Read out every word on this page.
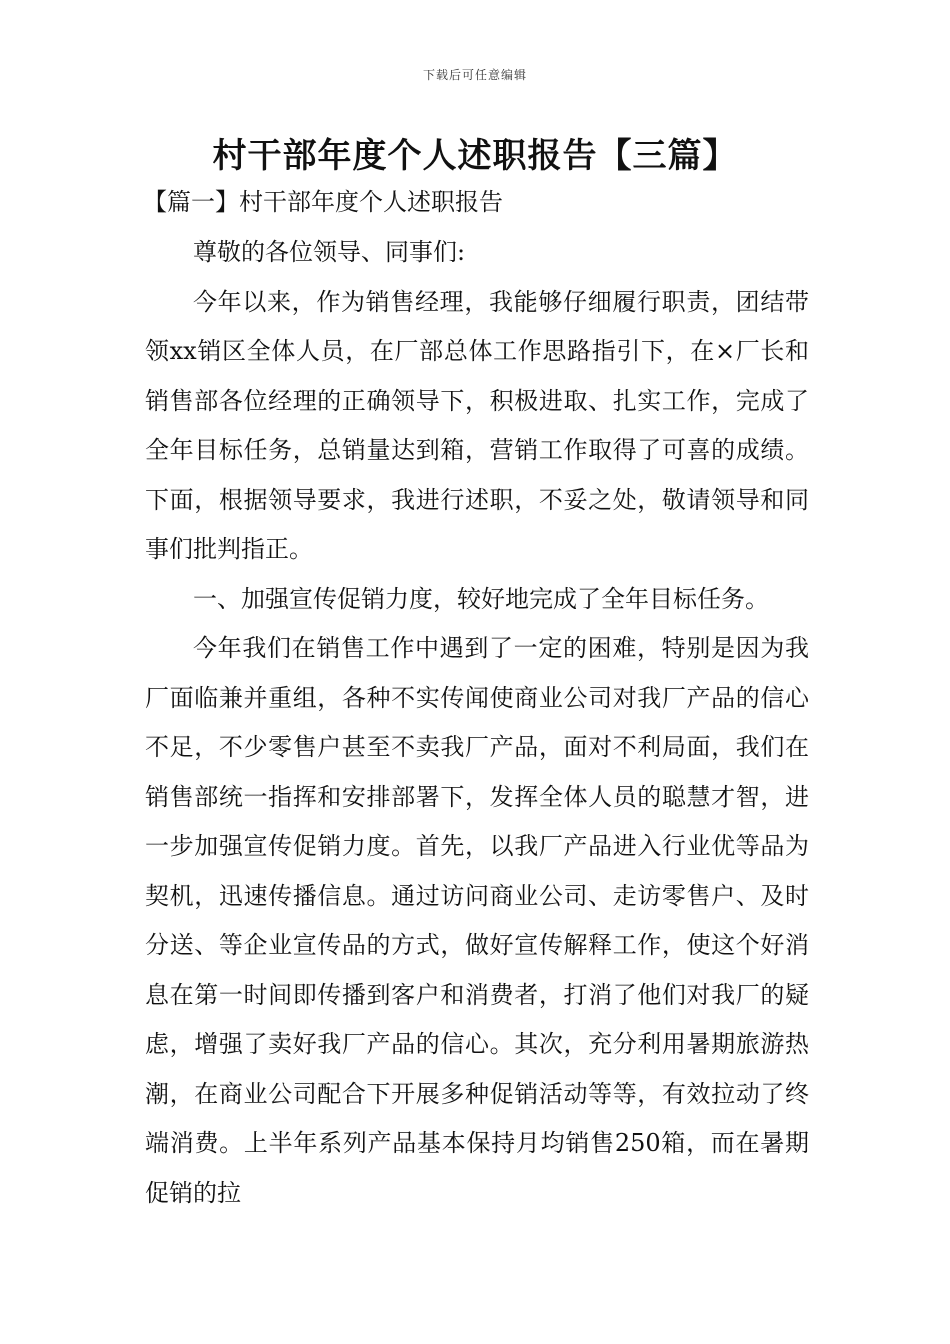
下载后可任意编辑
村干部年度个人述职报告【三篇】
【篇一】村干部年度个人述职报告

尊敬的各位领导、同事们:

今年以来，作为销售经理，我能够仔细履行职责，团结带领xx销区全体人员，在厂部总体工作思路指引下，在×厂长和销售部各位经理的正确领导下，积极进取、扎实工作，完成了全年目标任务，总销量达到箱，营销工作取得了可喜的成绩。下面，根据领导要求，我进行述职，不妥之处，敬请领导和同事们批判指正。

一、加强宣传促销力度，较好地完成了全年目标任务。

今年我们在销售工作中遇到了一定的困难，特别是因为我厂面临兼并重组，各种不实传闻使商业公司对我厂产品的信心不足，不少零售户甚至不卖我厂产品，面对不利局面，我们在销售部统一指挥和安排部署下，发挥全体人员的聪慧才智，进一步加强宣传促销力度。首先，以我厂产品进入行业优等品为契机，迅速传播信息。通过访问商业公司、走访零售户、及时分送、等企业宣传品的方式，做好宣传解释工作，使这个好消息在第一时间即传播到客户和消费者，打消了他们对我厂的疑虑，增强了卖好我厂产品的信心。其次，充分利用暑期旅游热潮，在商业公司配合下开展多种促销活动等等，有效拉动了终端消费。上半年系列产品基本保持月均销售250箱，而在暑期促销的拉
